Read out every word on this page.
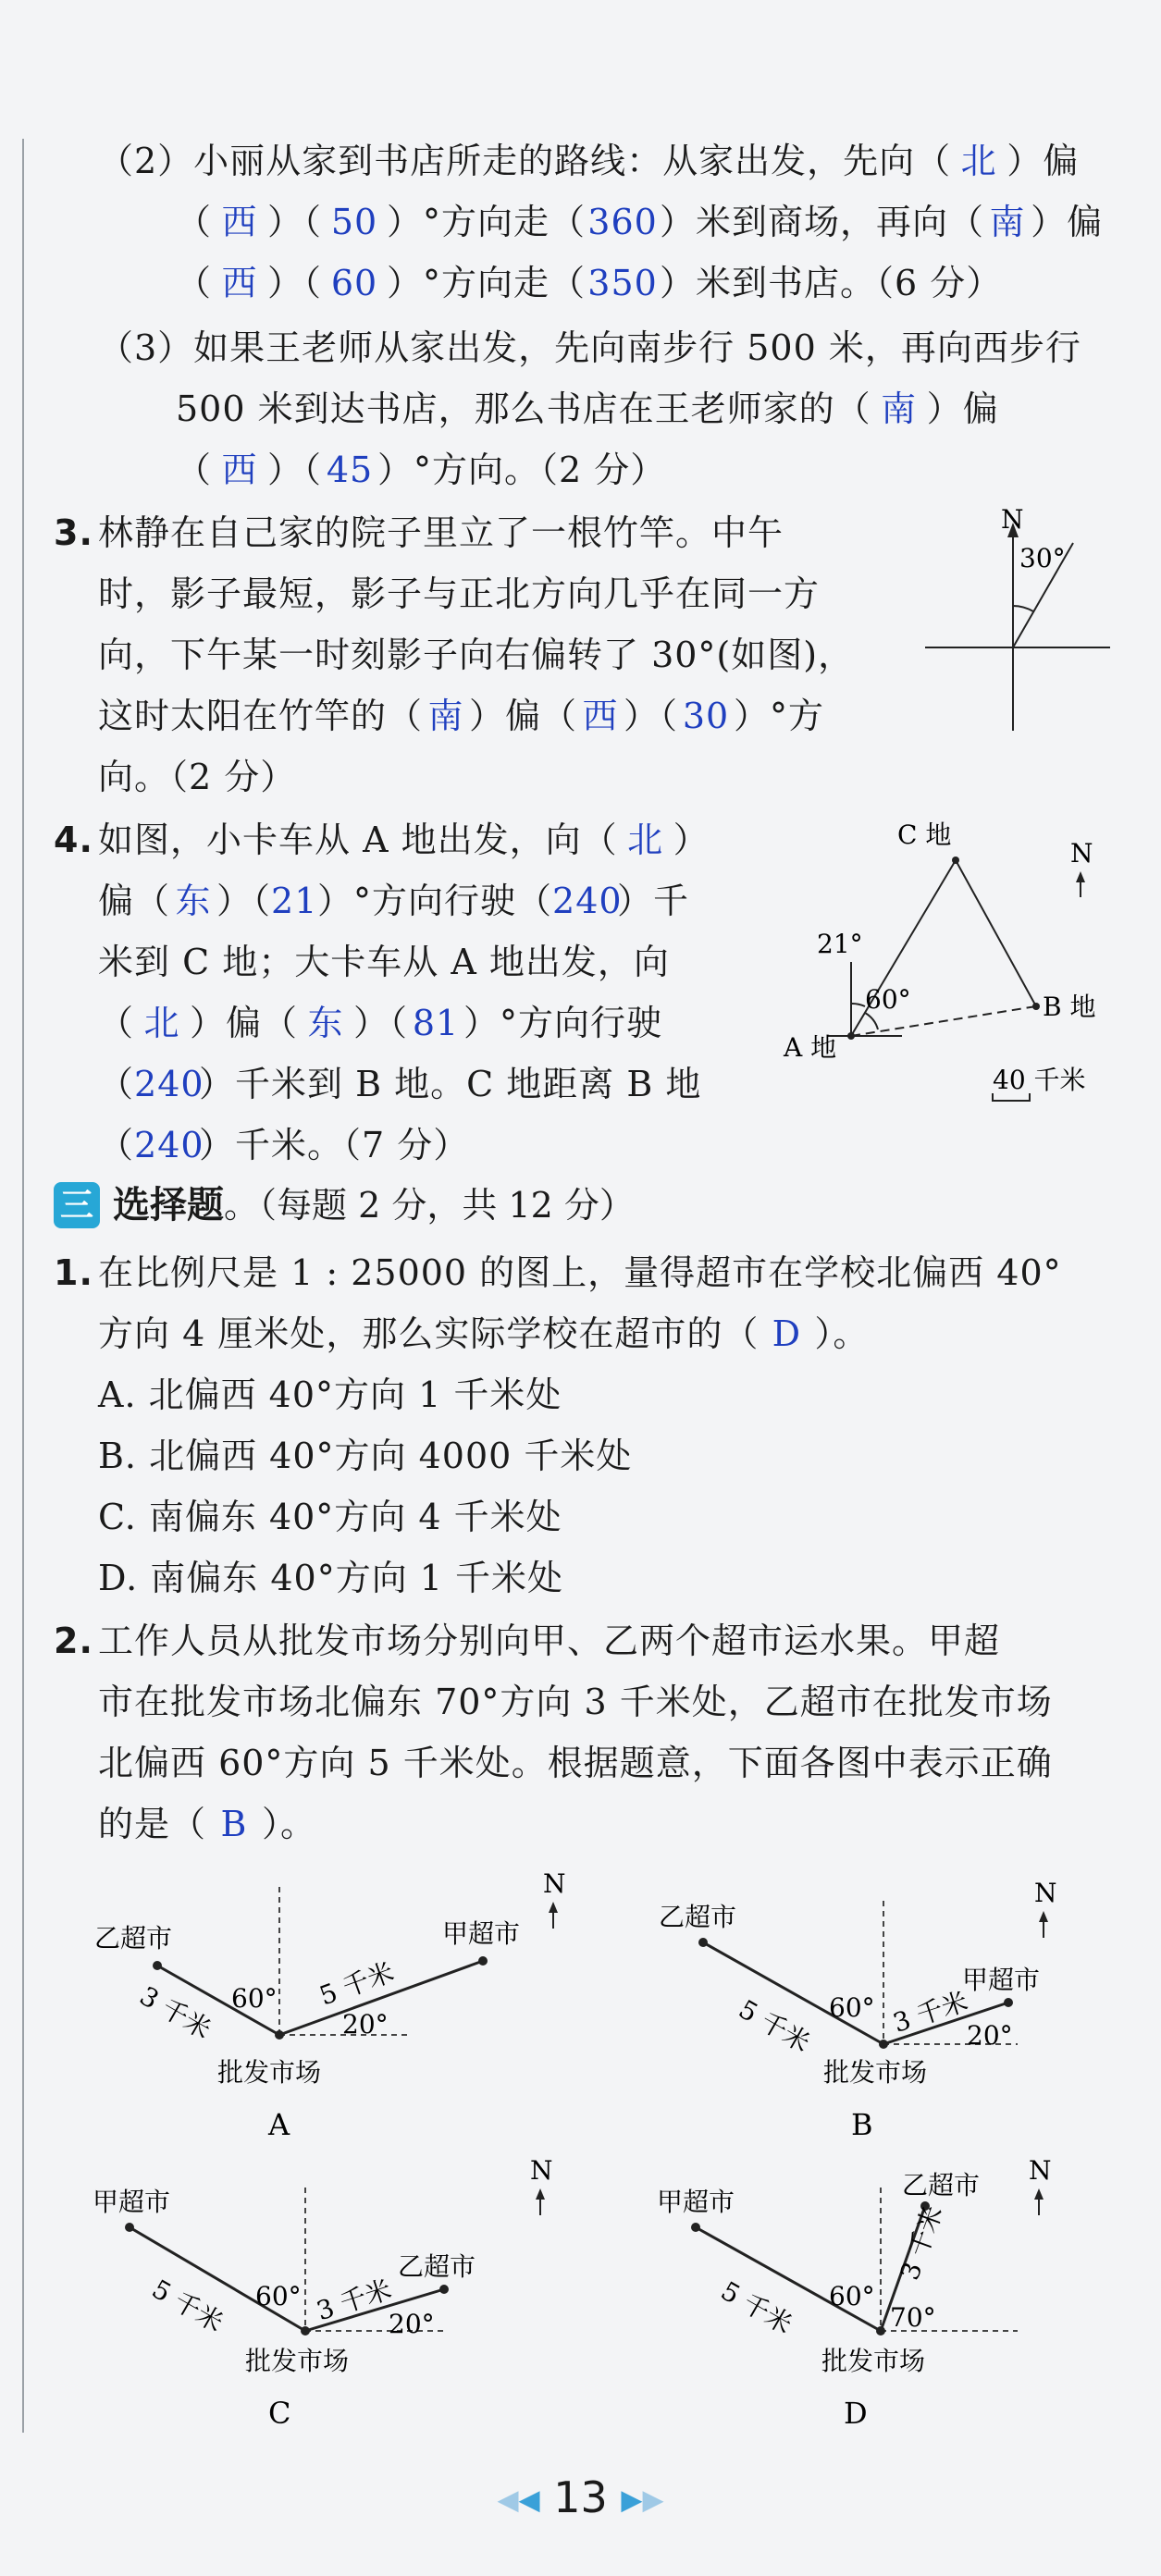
（2）小丽从家到书店所走的路线：从家出发，先向（ 北 ）偏
（ 西 ）（ 50 ）°方向走（360）米到商场，再向（ 南 ）偏
（ 西 ）（ 60 ）°方向走（350）米到书店。（6 分）
（3）如果王老师从家出发，先向南步行 500 米，再向西步行
500 米到达书店，那么书店在王老师家的（ 南 ）偏
（ 西 ）（ 45 ）°方向。（2 分）
3. 林静在自己家的院子里立了一根竹竿。中午
时，影子最短，影子与正北方向几乎在同一方
向，下午某一时刻影子向右偏转了 30°(如图)，
这时太阳在竹竿的（ 南 ）偏（ 西 ）（ 30 ）°方
向。（2 分）
N
30°
4. 如图，小卡车从 A 地出发，向（ 北 ）
偏（ 东 ）（21）°方向行驶（240）千
米到 C 地；大卡车从 A 地出发，向
（ 北 ）偏（ 东 ）（ 81 ）°方向行驶
（240）千米到 B 地。C 地距离 B 地
（240）千米。（7 分）
C 地
B 地
A 地
21°
60°
N
40 千米
三 选择题。（每题 2 分，共 12 分）
1. 在比例尺是 1 : 25000 的图上，量得超市在学校北偏西 40°
方向 4 厘米处，那么实际学校在超市的（ D ）。
A. 北偏西 40°方向 1 千米处
B. 北偏西 40°方向 4000 千米处
C. 南偏东 40°方向 4 千米处
D. 南偏东 40°方向 1 千米处
2. 工作人员从批发市场分别向甲、乙两个超市运水果。甲超
市在批发市场北偏东 70°方向 3 千米处，乙超市在批发市场
北偏西 60°方向 5 千米处。根据题意，下面各图中表示正确
的是（ B ）。
乙超市	甲超市
3 千米	5 千米
60°
20°
批发市场
A
N
乙超市
甲超市
5 千米	3 千米
60°
20°
批发市场
B
N
甲超市
乙超市
5 千米	3 千米
60°
20°
批发市场
C
N
甲超市
乙超市
5 千米
3 千米
60°
70°
批发市场
D
N
◀◀ 13 ▶▶
